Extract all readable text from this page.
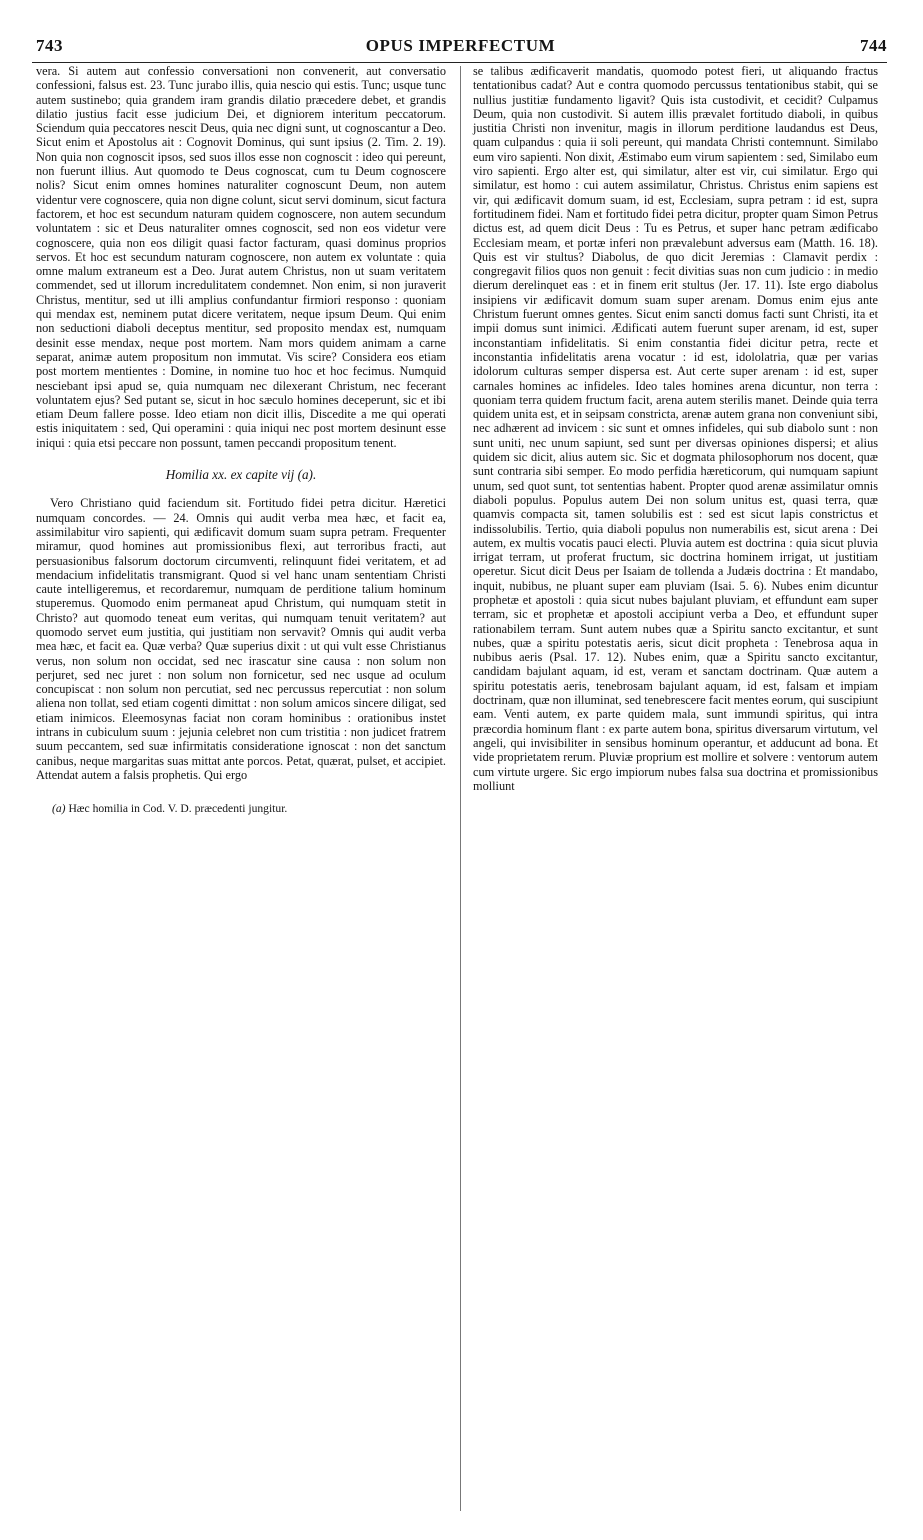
743	OPUS IMPERFECTUM	744

vera. Si autem aut confessio conversationi non convenerit, aut conversatio confessioni, falsus est. 23. Tunc jurabo illis, quia nescio qui estis. Tunc; usque tunc autem sustinebo; quia grandem iram grandis dilatio præcedere debet, et grandis dilatio justius facit esse judicium Dei, et digniorem interitum peccatorum. Sciendum quia peccatores nescit Deus, quia nec digni sunt, ut cognoscantur a Deo. Sicut enim et Apostolus ait : Cognovit Dominus, qui sunt ipsius (2. Tim. 2. 19). Non quia non cognoscit ipsos, sed suos illos esse non cognoscit : ideo qui pereunt, non fuerunt illius. Aut quomodo te Deus cognoscat, cum tu Deum cognoscere nolis? Sicut enim omnes homines naturaliter cognoscunt Deum, non autem videntur vere cognoscere, quia non digne colunt, sicut servi dominum, sicut factura factorem, et hoc est secundum naturam quidem cognoscere, non autem secundum voluntatem : sic et Deus naturaliter omnes cognoscit, sed non eos videtur vere cognoscere, quia non eos diligit quasi factor facturam, quasi dominus proprios servos. Et hoc est secundum naturam cognoscere, non autem ex voluntate : quia omne malum extraneum est a Deo. Jurat autem Christus, non ut suam veritatem commendet, sed ut illorum incredulitatem condemnet. Non enim, si non juraverit Christus, mentitur, sed ut illi amplius confundantur firmiori responso : quoniam qui mendax est, neminem putat dicere veritatem, neque ipsum Deum. Qui enim non seductioni diaboli deceptus mentitur, sed proposito mendax est, numquam desinit esse mendax, neque post mortem. Nam mors quidem animam a carne separat, animæ autem propositum non immutat. Vis scire? Considera eos etiam post mortem mentientes : Domine, in nomine tuo hoc et hoc fecimus. Numquid nesciebant ipsi apud se, quia numquam nec dilexerant Christum, nec fecerant voluntatem ejus? Sed putant se, sicut in hoc sæculo homines deceperunt, sic et ibi etiam Deum fallere posse. Ideo etiam non dicit illis, Discedite a me qui operati estis iniquitatem : sed, Qui operamini : quia iniqui nec post mortem desinunt esse iniqui : quia etsi peccare non possunt, tamen peccandi propositum tenent.

Homilia xx. ex capite vij (a).

Vero Christiano quid faciendum sit. Fortitudo fidei petra dicitur. Hæretici numquam concordes. — 24. Omnis qui audit verba mea hæc, et facit ea, assimilabitur viro sapienti, qui ædificavit domum suam supra petram. Frequenter miramur, quod homines aut promissionibus flexi, aut terroribus fracti, aut persuasionibus falsorum doctorum circumventi, relinquunt fidei veritatem, et ad mendacium infidelitatis transmigrant. Quod si vel hanc unam sententiam Christi caute intelligeremus, et recordaremur, numquam de perditione talium hominum stuperemus. Quomodo enim permaneat apud Christum, qui numquam stetit in Christo? aut quomodo teneat eum veritas, qui numquam tenuit veritatem? aut quomodo servet eum justitia, qui justitiam non servavit? Omnis qui audit verba mea hæc, et facit ea. Quæ verba? Quæ superius dixit : ut qui vult esse Christianus verus, non solum non occidat, sed nec irascatur sine causa : non solum non perjuret, sed nec juret : non solum non fornicetur, sed nec usque ad oculum concupiscat : non solum non percutiat, sed nec percussus repercutiat : non solum aliena non tollat, sed etiam cogenti dimittat : non solum amicos sincere diligat, sed etiam inimicos. Eleemosynas faciat non coram hominibus : orationibus instet intrans in cubiculum suum : jejunia celebret non cum tristitia : non judicet fratrem suum peccantem, sed suæ infirmitatis consideratione ignoscat : non det sanctum canibus, neque margaritas suas mittat ante porcos. Petat, quærat, pulset, et accipiet. Attendat autem a falsis prophetis. Qui ergo

(a) Hæc homilia in Cod. V. D. præcedenti jungitur.

se talibus ædificaverit mandatis, quomodo potest fieri, ut aliquando fractus tentationibus cadat? Aut e contra quomodo percussus tentationibus stabit, qui se nullius justitiæ fundamento ligavit? Quis ista custodivit, et cecidit? Culpamus Deum, quia non custodivit. Si autem illis prævalet fortitudo diaboli, in quibus justitia Christi non invenitur, magis in illorum perditione laudandus est Deus, quam culpandus : quia ii soli pereunt, qui mandata Christi contemnunt. Similabo eum viro sapienti. Non dixit, Æstimabo eum virum sapientem : sed, Similabo eum viro sapienti. Ergo alter est, qui similatur, alter est vir, cui similatur. Ergo qui similatur, est homo : cui autem assimilatur, Christus. Christus enim sapiens est vir, qui ædificavit domum suam, id est, Ecclesiam, supra petram : id est, supra fortitudinem fidei. Nam et fortitudo fidei petra dicitur, propter quam Simon Petrus dictus est, ad quem dicit Deus : Tu es Petrus, et super hanc petram ædificabo Ecclesiam meam, et portæ inferi non prævalebunt adversus eam (Matth. 16. 18). Quis est vir stultus? Diabolus, de quo dicit Jeremias : Clamavit perdix : congregavit filios quos non genuit : fecit divitias suas non cum judicio : in medio dierum derelinquet eas : et in finem erit stultus (Jer. 17. 11). Iste ergo diabolus insipiens vir ædificavit domum suam super arenam. Domus enim ejus ante Christum fuerunt omnes gentes. Sicut enim sancti domus facti sunt Christi, ita et impii domus sunt inimici. Ædificati autem fuerunt super arenam, id est, super inconstantiam infidelitatis. Si enim constantia fidei dicitur petra, recte et inconstantia infidelitatis arena vocatur : id est, idololatria, quæ per varias idolorum culturas semper dispersa est. Aut certe super arenam : id est, super carnales homines ac infideles. Ideo tales homines arena dicuntur, non terra : quoniam terra quidem fructum facit, arena autem sterilis manet. Deinde quia terra quidem unita est, et in seipsam constricta, arenæ autem grana non conveniunt sibi, nec adhærent ad invicem : sic sunt et omnes infideles, qui sub diabolo sunt : non sunt uniti, nec unum sapiunt, sed sunt per diversas opiniones dispersi; et alius quidem sic dicit, alius autem sic. Sic et dogmata philosophorum nos docent, quæ sunt contraria sibi semper. Eo modo perfidia hæreticorum, qui numquam sapiunt unum, sed quot sunt, tot sententias habent. Propter quod arenæ assimilatur omnis diaboli populus. Populus autem Dei non solum unitus est, quasi terra, quæ quamvis compacta sit, tamen solubilis est : sed est sicut lapis constrictus et indissolubilis. Tertio, quia diaboli populus non numerabilis est, sicut arena : Dei autem, ex multis vocatis pauci electi. Pluvia autem est doctrina : quia sicut pluvia irrigat terram, ut proferat fructum, sic doctrina hominem irrigat, ut justitiam operetur. Sicut dicit Deus per Isaiam de tollenda a Judæis doctrina : Et mandabo, inquit, nubibus, ne pluant super eam pluviam (Isai. 5. 6). Nubes enim dicuntur prophetæ et apostoli : quia sicut nubes bajulant pluviam, et effundunt eam super terram, sic et prophetæ et apostoli accipiunt verba a Deo, et effundunt super rationabilem terram. Sunt autem nubes quæ a Spiritu sancto excitantur, et sunt nubes, quæ a spiritu potestatis aeris, sicut dicit propheta : Tenebrosa aqua in nubibus aeris (Psal. 17. 12). Nubes enim, quæ a Spiritu sancto excitantur, candidam bajulant aquam, id est, veram et sanctam doctrinam. Quæ autem a spiritu potestatis aeris, tenebrosam bajulant aquam, id est, falsam et impiam doctrinam, quæ non illuminat, sed tenebrescere facit mentes eorum, qui suscipiunt eam. Venti autem, ex parte quidem mala, sunt immundi spiritus, qui intra præcordia hominum flant : ex parte autem bona, spiritus diversarum virtutum, vel angeli, qui invisibiliter in sensibus hominum operantur, et adducunt ad bona. Et vide proprietatem rerum. Pluviæ proprium est mollire et solvere : ventorum autem cum virtute urgere. Sic ergo impiorum nubes falsa sua doctrina et promissionibus molliunt
